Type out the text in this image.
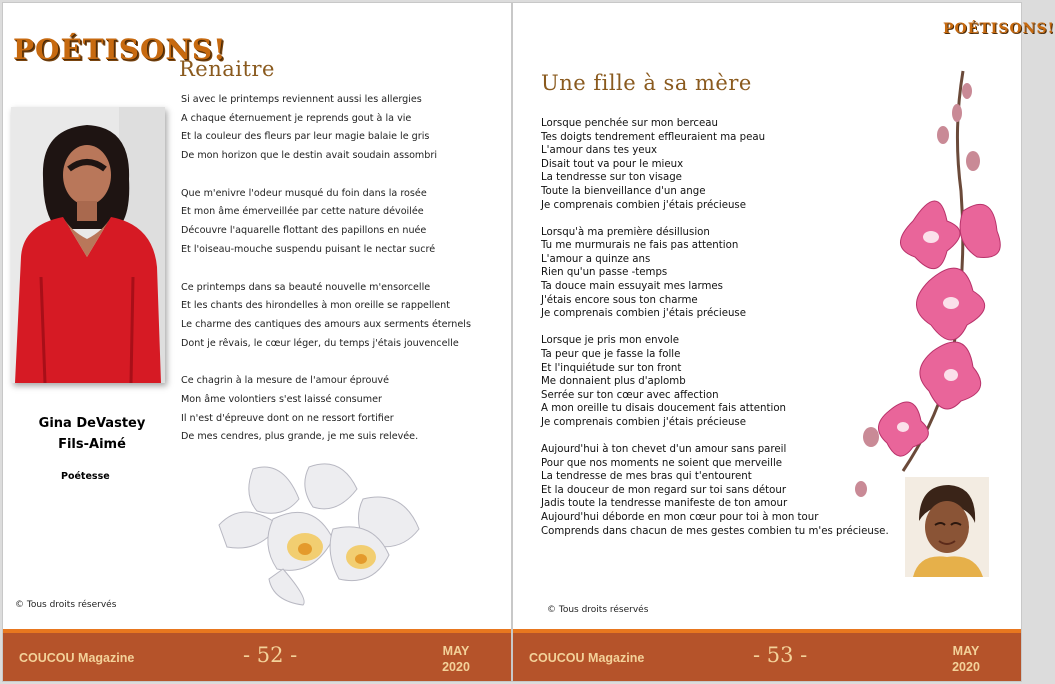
POÉTISONS!
Renaitre
Gina DeVastey
Fils-Aimé
Poétesse
Si avec le printemps reviennent aussi les allergies
A chaque éternuement je reprends gout à la vie
Et la couleur des fleurs par leur magie balaie le gris
De mon horizon que le destin avait soudain assombri
Que m'enivre l'odeur musqué du foin dans la rosée
Et mon âme émerveillée par cette nature dévoilée
Découvre l'aquarelle flottant des papillons en nuée
Et l'oiseau-mouche suspendu puisant le nectar sucré
Ce printemps dans sa beauté nouvelle m'ensorcelle
Et les chants des hirondelles à mon oreille se rappellent
Le charme des cantiques des amours aux serments éternels
Dont je rêvais, le cœur léger, du temps j'étais jouvencelle
Ce chagrin à la mesure de l'amour éprouvé
Mon âme volontiers s'est laissé consumer
Il n'est d'épreuve dont on ne ressort fortifier
De mes cendres, plus grande, je me suis relevée.
© Tous droits réservés
COUCOU Magazine	- 52 -	MAY
2020
POÉTISONS!
Une fille à sa mère
Lorsque penchée sur mon berceau
Tes doigts tendrement effleuraient ma peau
L'amour dans tes yeux
Disait tout va pour le mieux
La tendresse sur ton visage
Toute la bienveillance d'un ange
Je comprenais combien j'étais précieuse
Lorsqu'à ma première désillusion
Tu me murmurais ne fais pas attention
L'amour a quinze ans
Rien qu'un passe -temps
Ta douce main essuyait mes larmes
J'étais encore sous ton charme
Je comprenais combien j'étais précieuse
Lorsque je pris mon envole
Ta peur que je fasse la folle
Et l'inquiétude sur ton front
Me donnaient plus d'aplomb
Serrée sur ton cœur avec affection
A mon oreille tu disais doucement fais attention
Je comprenais combien j'étais précieuse
Aujourd'hui à ton chevet d'un amour sans pareil
Pour que nos moments ne soient que merveille
La tendresse de mes bras qui t'entourent
Et la douceur de mon regard sur toi sans détour
Jadis toute la tendresse manifeste de ton amour
Aujourd'hui déborde en mon cœur pour toi à mon tour
Comprends dans chacun de mes gestes combien tu m'es précieuse.
© Tous droits réservés
COUCOU Magazine	- 53 -	MAY
2020
